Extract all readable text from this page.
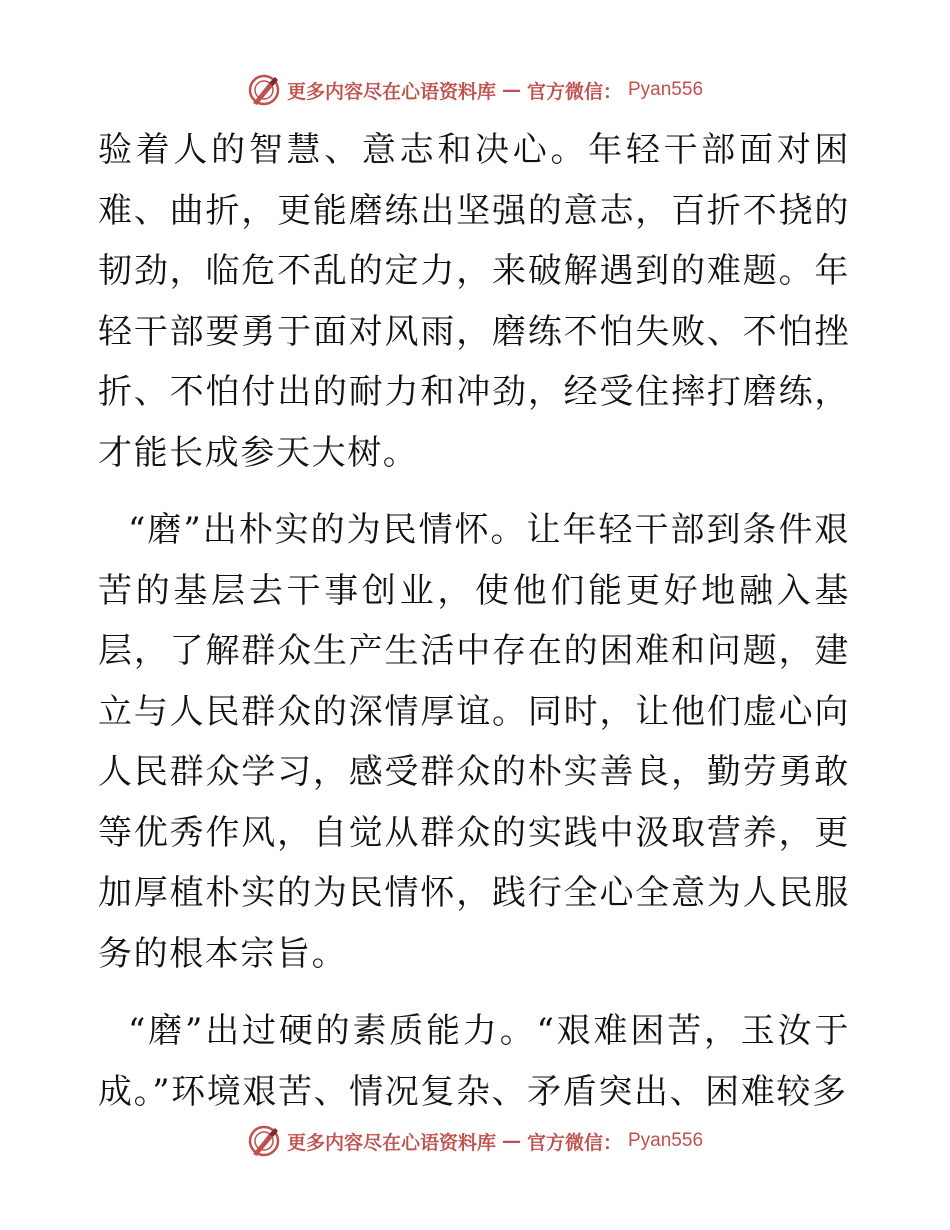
更多内容尽在心语资料库 — 官方微信： Pyan556

验着人的智慧、意志和决心。年轻干部面对困难、曲折，更能磨练出坚强的意志，百折不挠的韧劲，临危不乱的定力，来破解遇到的难题。年轻干部要勇于面对风雨，磨练不怕失败、不怕挫折、不怕付出的耐力和冲劲，经受住摔打磨练，才能长成参天大树。

“磨”出朴实的为民情怀。让年轻干部到条件艰苦的基层去干事创业，使他们能更好地融入基层，了解群众生产生活中存在的困难和问题，建立与人民群众的深情厚谊。同时，让他们虚心向人民群众学习，感受群众的朴实善良，勤劳勇敢等优秀作风，自觉从群众的实践中汲取营养，更加厚植朴实的为民情怀，践行全心全意为人民服务的根本宗旨。

“磨”出过硬的素质能力。“艰难困苦，玉汝于成。”环境艰苦、情况复杂、矛盾突出、困难较多

更多内容尽在心语资料库 — 官方微信： Pyan556
